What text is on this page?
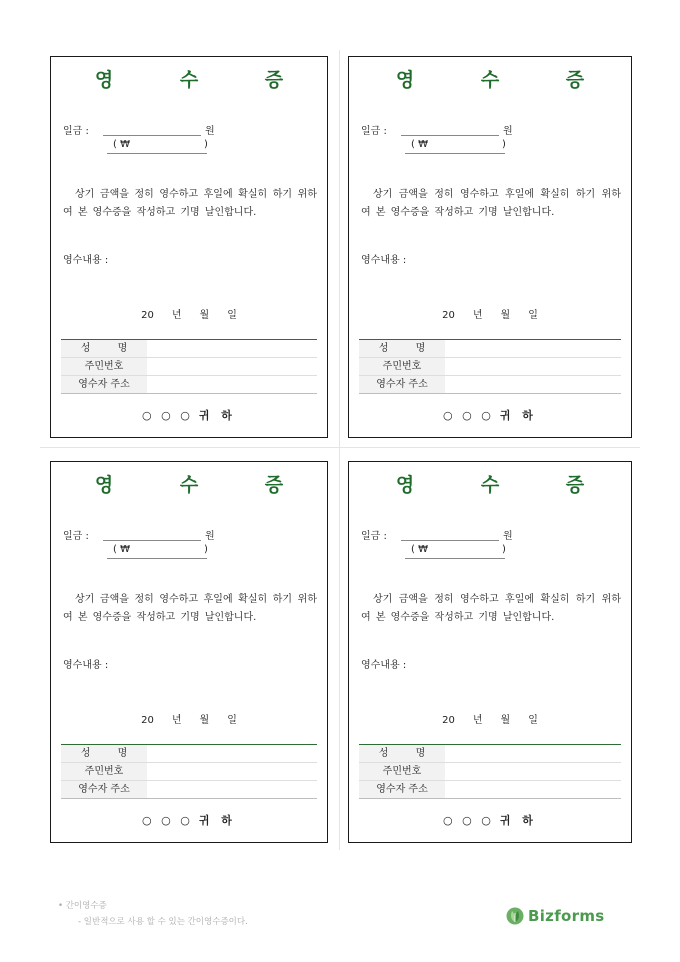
영 수 증
일금 :	원
( ₩	)
상기 금액을 정히 영수하고 후일에 확실히 하기 위하여 본 영수증을 작성하고 기명 날인합니다.
영수내용 :
20 년 월 일
성 명
주민번호
영수자 주소
○ ○ ○ 귀 하
영 수 증
일금 :	원
( ₩	)
상기 금액을 정히 영수하고 후일에 확실히 하기 위하여 본 영수증을 작성하고 기명 날인합니다.
영수내용 :
20 년 월 일
성 명
주민번호
영수자 주소
○ ○ ○ 귀 하
영 수 증
일금 :	원
( ₩	)
상기 금액을 정히 영수하고 후일에 확실히 하기 위하여 본 영수증을 작성하고 기명 날인합니다.
영수내용 :
20 년 월 일
성 명
주민번호
영수자 주소
○ ○ ○ 귀 하
영 수 증
일금 :	원
( ₩	)
상기 금액을 정히 영수하고 후일에 확실히 하기 위하여 본 영수증을 작성하고 기명 날인합니다.
영수내용 :
20 년 월 일
성 명
주민번호
영수자 주소
○ ○ ○ 귀 하
• 간이영수증
- 일반적으로 사용 할 수 있는 간이영수증이다.	Bizforms
